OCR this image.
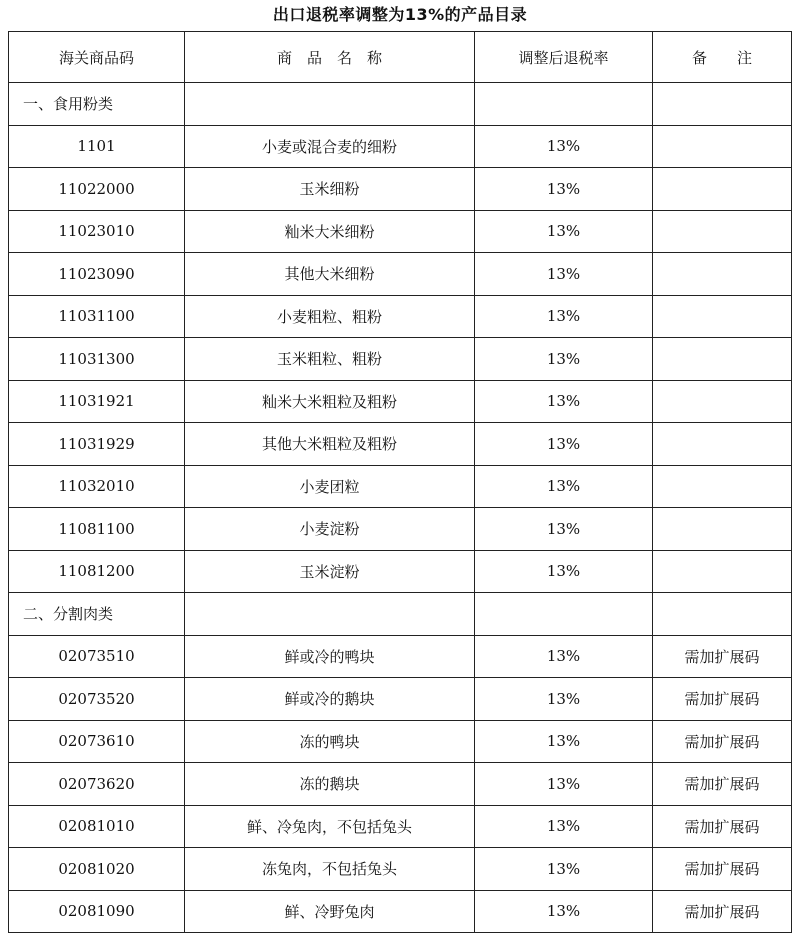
出口退税率调整为13%的产品目录
海关商品码	商　品　名　称	调整后退税率	备　　注
一、食用粉类			
1101	小麦或混合麦的细粉	13%	
11022000	玉米细粉	13%	
11023010	籼米大米细粉	13%	
11023090	其他大米细粉	13%	
11031100	小麦粗粒、粗粉	13%	
11031300	玉米粗粒、粗粉	13%	
11031921	籼米大米粗粒及粗粉	13%	
11031929	其他大米粗粒及粗粉	13%	
11032010	小麦团粒	13%	
11081100	小麦淀粉	13%	
11081200	玉米淀粉	13%	
二、分割肉类			
02073510	鲜或冷的鸭块	13%	需加扩展码
02073520	鲜或冷的鹅块	13%	需加扩展码
02073610	冻的鸭块	13%	需加扩展码
02073620	冻的鹅块	13%	需加扩展码
02081010	鲜、冷兔肉，不包括兔头	13%	需加扩展码
02081020	冻兔肉，不包括兔头	13%	需加扩展码
02081090	鲜、冷野兔肉	13%	需加扩展码
